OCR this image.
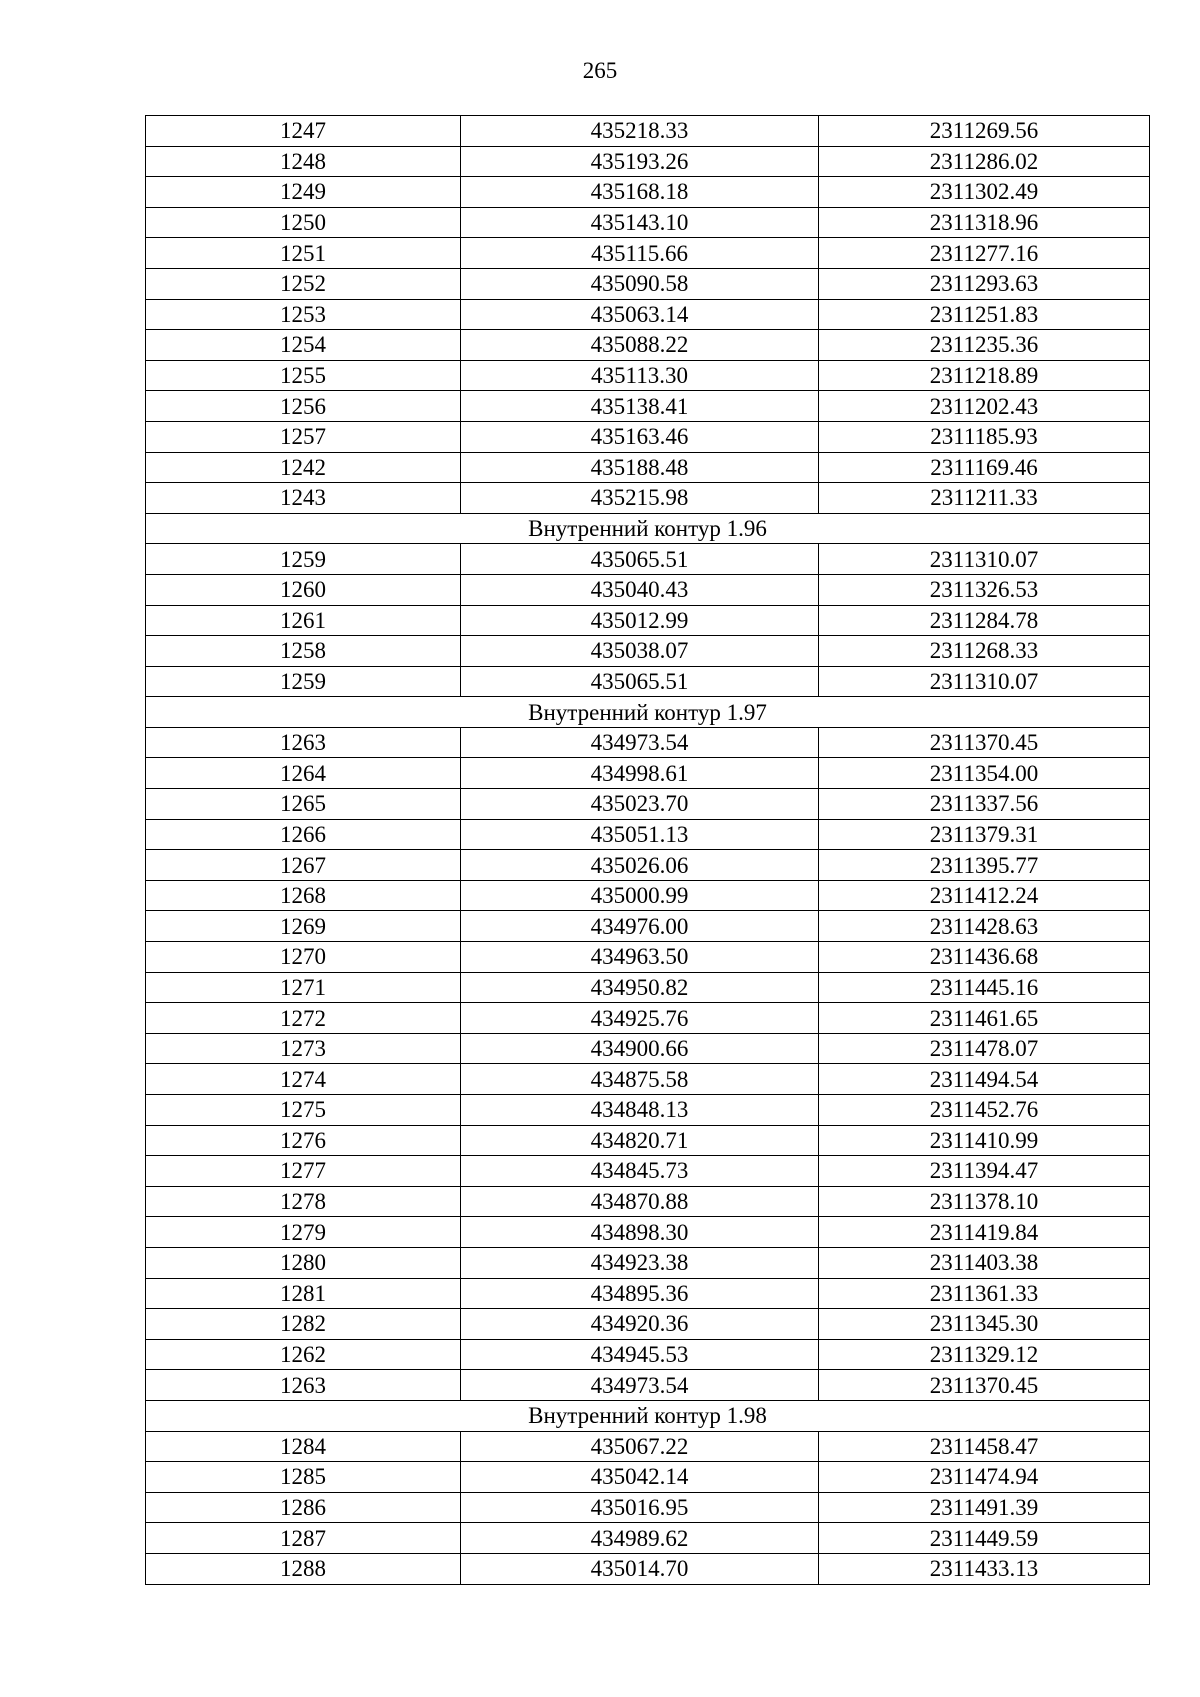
265
1247	435218.33	2311269.56
1248	435193.26	2311286.02
1249	435168.18	2311302.49
1250	435143.10	2311318.96
1251	435115.66	2311277.16
1252	435090.58	2311293.63
1253	435063.14	2311251.83
1254	435088.22	2311235.36
1255	435113.30	2311218.89
1256	435138.41	2311202.43
1257	435163.46	2311185.93
1242	435188.48	2311169.46
1243	435215.98	2311211.33
Внутренний контур 1.96		
1259	435065.51	2311310.07
1260	435040.43	2311326.53
1261	435012.99	2311284.78
1258	435038.07	2311268.33
1259	435065.51	2311310.07
Внутренний контур 1.97		
1263	434973.54	2311370.45
1264	434998.61	2311354.00
1265	435023.70	2311337.56
1266	435051.13	2311379.31
1267	435026.06	2311395.77
1268	435000.99	2311412.24
1269	434976.00	2311428.63
1270	434963.50	2311436.68
1271	434950.82	2311445.16
1272	434925.76	2311461.65
1273	434900.66	2311478.07
1274	434875.58	2311494.54
1275	434848.13	2311452.76
1276	434820.71	2311410.99
1277	434845.73	2311394.47
1278	434870.88	2311378.10
1279	434898.30	2311419.84
1280	434923.38	2311403.38
1281	434895.36	2311361.33
1282	434920.36	2311345.30
1262	434945.53	2311329.12
1263	434973.54	2311370.45
Внутренний контур 1.98		
1284	435067.22	2311458.47
1285	435042.14	2311474.94
1286	435016.95	2311491.39
1287	434989.62	2311449.59
1288	435014.70	2311433.13
